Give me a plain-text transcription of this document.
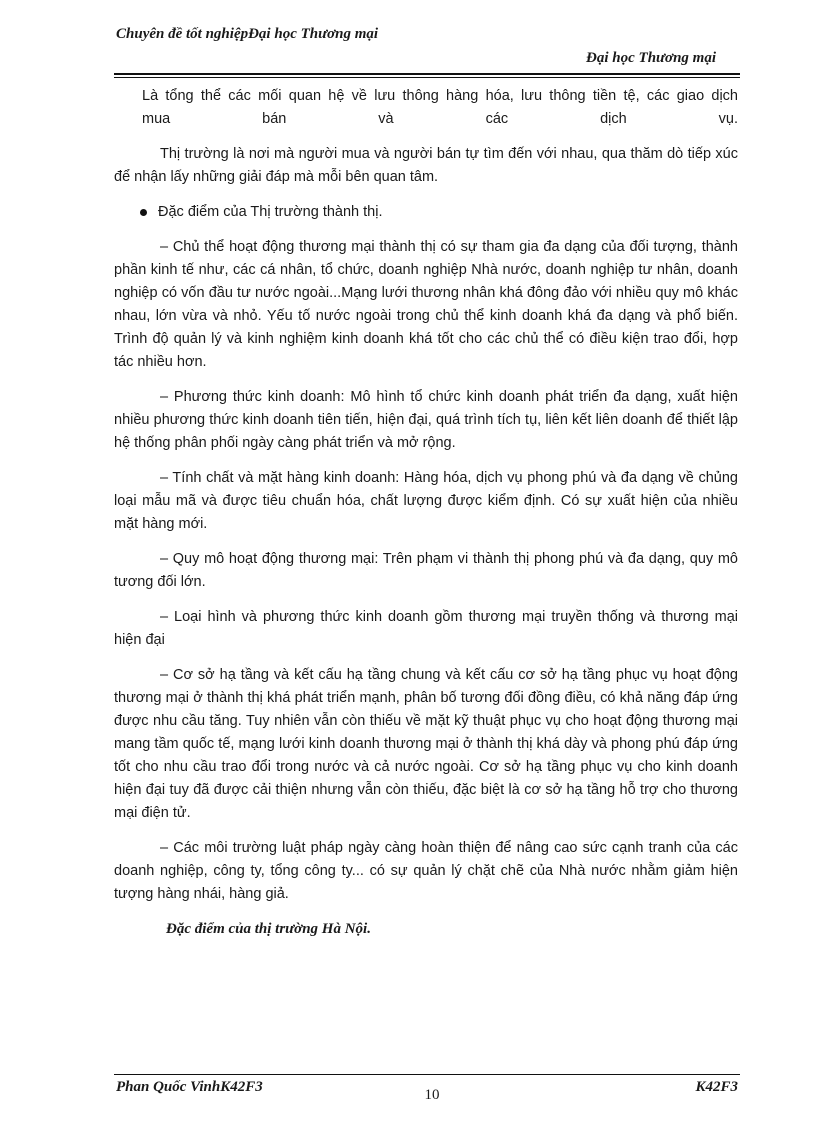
Chuyên đề tốt nghiệpĐại học Thương mại
Đại học Thương mại

Là tổng thể các mối quan hệ về lưu thông hàng hóa, lưu thông tiền tệ, các giao dịch
mua bán và các dịch vụ.

Thị trường là nơi mà người mua và người bán tự tìm đến với nhau, qua thăm dò tiếp xúc để nhận lấy những giải đáp mà mỗi bên quan tâm.

Đặc điểm của Thị trường thành thị.

– Chủ thể hoạt động thương mại thành thị có sự tham gia đa dạng của đối tượng, thành phần kinh tế như, các cá nhân, tổ chức, doanh nghiệp Nhà nước, doanh nghiệp tư nhân, doanh nghiệp có vốn đầu tư nước ngoài...Mạng lưới thương nhân khá đông đảo với nhiều quy mô khác nhau, lớn vừa và nhỏ. Yếu tố nước ngoài trong chủ thể kinh doanh khá đa dạng và phổ biến. Trình độ quản lý và kinh nghiệm kinh doanh khá tốt cho các chủ thể có điều kiện trao đổi, hợp tác nhiều hơn.

– Phương thức kinh doanh: Mô hình tổ chức kinh doanh phát triển đa dạng, xuất hiện nhiều phương thức kinh doanh tiên tiến, hiện đại, quá trình tích tụ, liên kết liên doanh để thiết lập hệ thống phân phối ngày càng phát triển và mở rộng.

– Tính chất và mặt hàng kinh doanh: Hàng hóa, dịch vụ phong phú và đa dạng về chủng loại mẫu mã và được tiêu chuẩn hóa, chất lượng được kiểm định. Có sự xuất hiện của nhiều mặt hàng mới.

– Quy mô hoạt động thương mại: Trên phạm vi thành thị phong phú và đa dạng, quy mô tương đối lớn.

– Loại hình và phương thức kinh doanh gồm thương mại truyền thống và thương mại hiện đại

– Cơ sở hạ tầng và kết cấu hạ tầng chung và kết cấu cơ sở hạ tầng phục vụ hoạt động thương mại ở thành thị khá phát triển mạnh, phân bố tương đối đồng điều, có khả năng đáp ứng được nhu cầu tăng. Tuy nhiên vẫn còn thiếu về mặt kỹ thuật phục vụ cho hoạt động thương mại mang tầm quốc tế, mạng lưới kinh doanh thương mại ở thành thị khá dày và phong phú đáp ứng tốt cho nhu cầu trao đổi trong nước và cả nước ngoài. Cơ sở hạ tầng phục vụ cho kinh doanh hiện đại tuy đã được cải thiện nhưng vẫn còn thiếu, đặc biệt là cơ sở hạ tầng hỗ trợ cho thương mại điện tử.

– Các môi trường luật pháp ngày càng hoàn thiện để nâng cao sức cạnh tranh của các doanh nghiệp, công ty, tổng công ty... có sự quản lý chặt chẽ của Nhà nước nhằm giảm hiện tượng hàng nhái, hàng giả.

Đặc điểm của thị trường Hà Nội.

Phan Quốc VinhK42F3	10	K42F3
